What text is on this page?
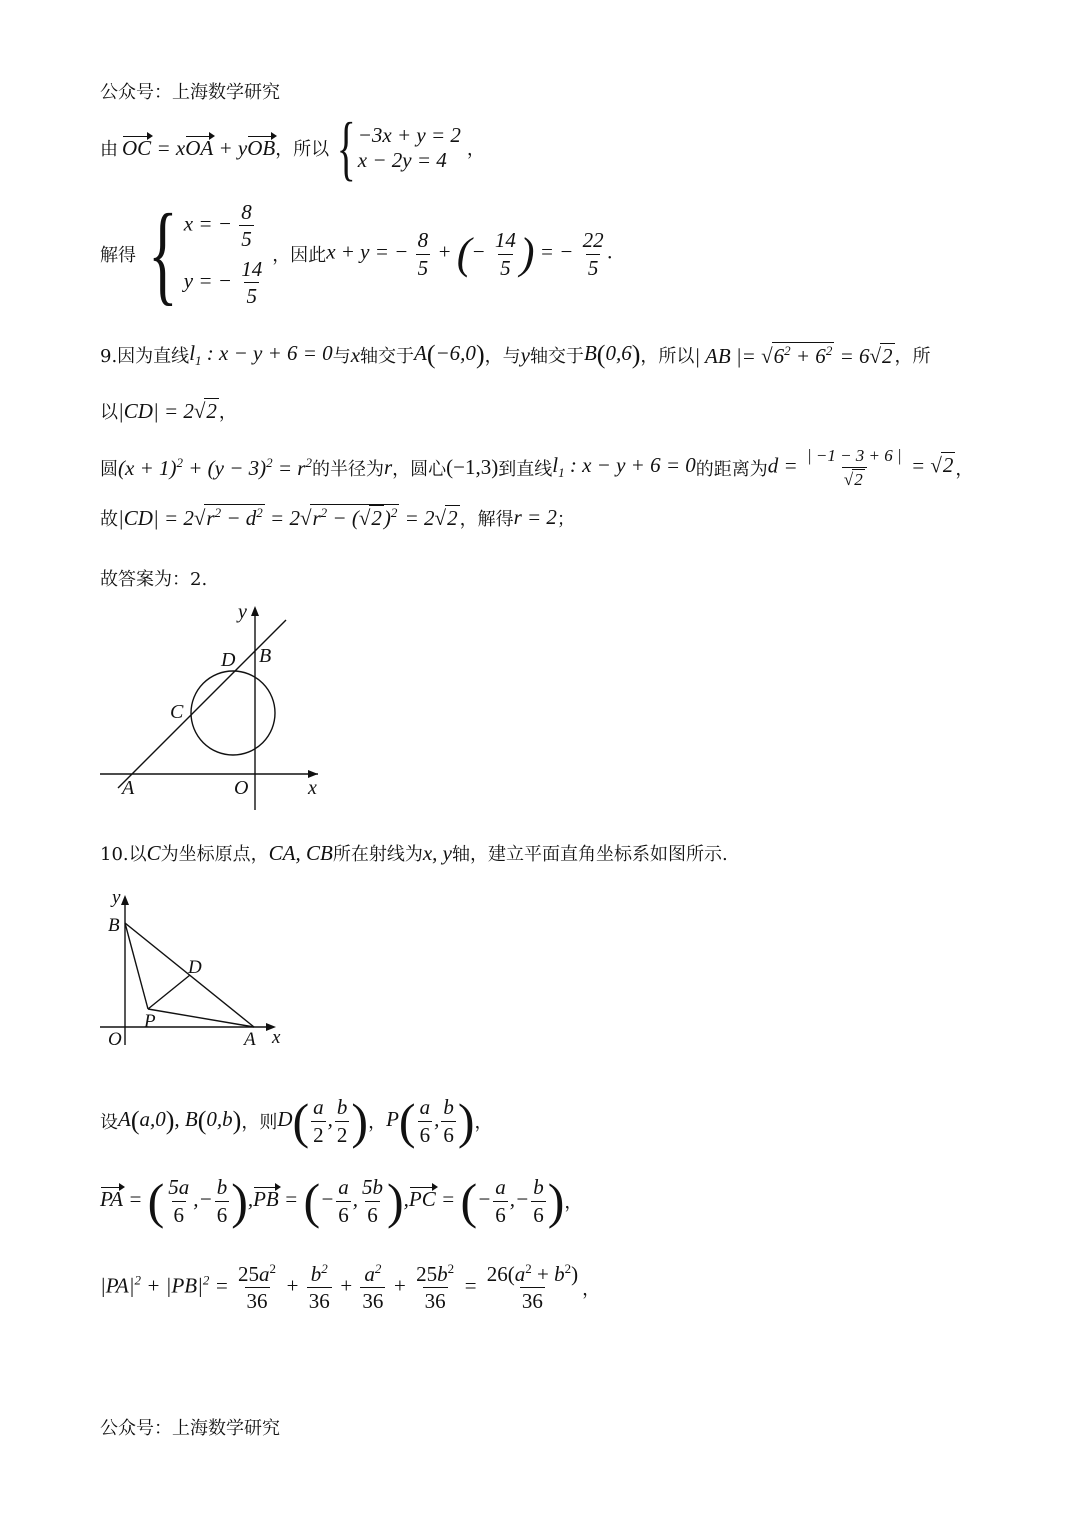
公众号：上海数学研究
由 OC = xOA + yOB ，所以 { −3x + y = 2
x − 2y = 4	，
解得 { x = − $\frac{8}{5}$
y = − $\frac{14}{5}$
，因此 x + y = − $\frac{8}{5}$ + (− $\frac{14}{5}$ ) = − $\frac{22}{5}$ .
9.因为直线 $l_1$ : x − y + 6 = 0 与 x 轴交于 A(−6,0) ，与 y 轴交于 B(0,6) ，所以 | AB |= $√6^2 + 6^2 = 6√2$ ，所
以 |CD| = 2√2 ，
圆 $(x + 1)^2 + (y - 3)^2 = r^2$ 的半径为 r ，圆心 (−1,3) 到直线 $l_1$ : x − y + 6 = 0 的距离为 $d = \frac{| -1 - 3 + 6 |}{√2} = √2$ ，
故 $|CD| = 2√r^2 - d^2 = 2√r^2 - (√2)^2 = 2√2$ ，解得 r = 2 ；
故答案为：2.
y
D B
C
A	O	x
10.以 C 为坐标原点， CA, CB 所在射线为 x, y 轴，建立平面直角坐标系如图所示.
y
B
D
P
O	A x
设 A(a,0), B(0,b) ，则 $D( \frac{a}{2}$ , $\frac{b}{2}$ ) ， $P( \frac{a}{6}$ , $\frac{b}{6}$ ) ，
PA = ( $\frac{5a}{6}$ ,− $\frac{b}{6} ),PB$ = (− $\frac{a}{6}$ , $\frac{5b}{6} ),PC$ = (− $\frac{a}{6}$ ,− $\frac{b}{6}$ ) ，
$|PA|^2 + |PB|^2 = \frac{25a^2}{36} + \frac{b^2}{36} + \frac{a^2}{36} + \frac{25b^2}{36} = \frac{26(a^2 + b^2)}{36}$ ，
公众号：上海数学研究
